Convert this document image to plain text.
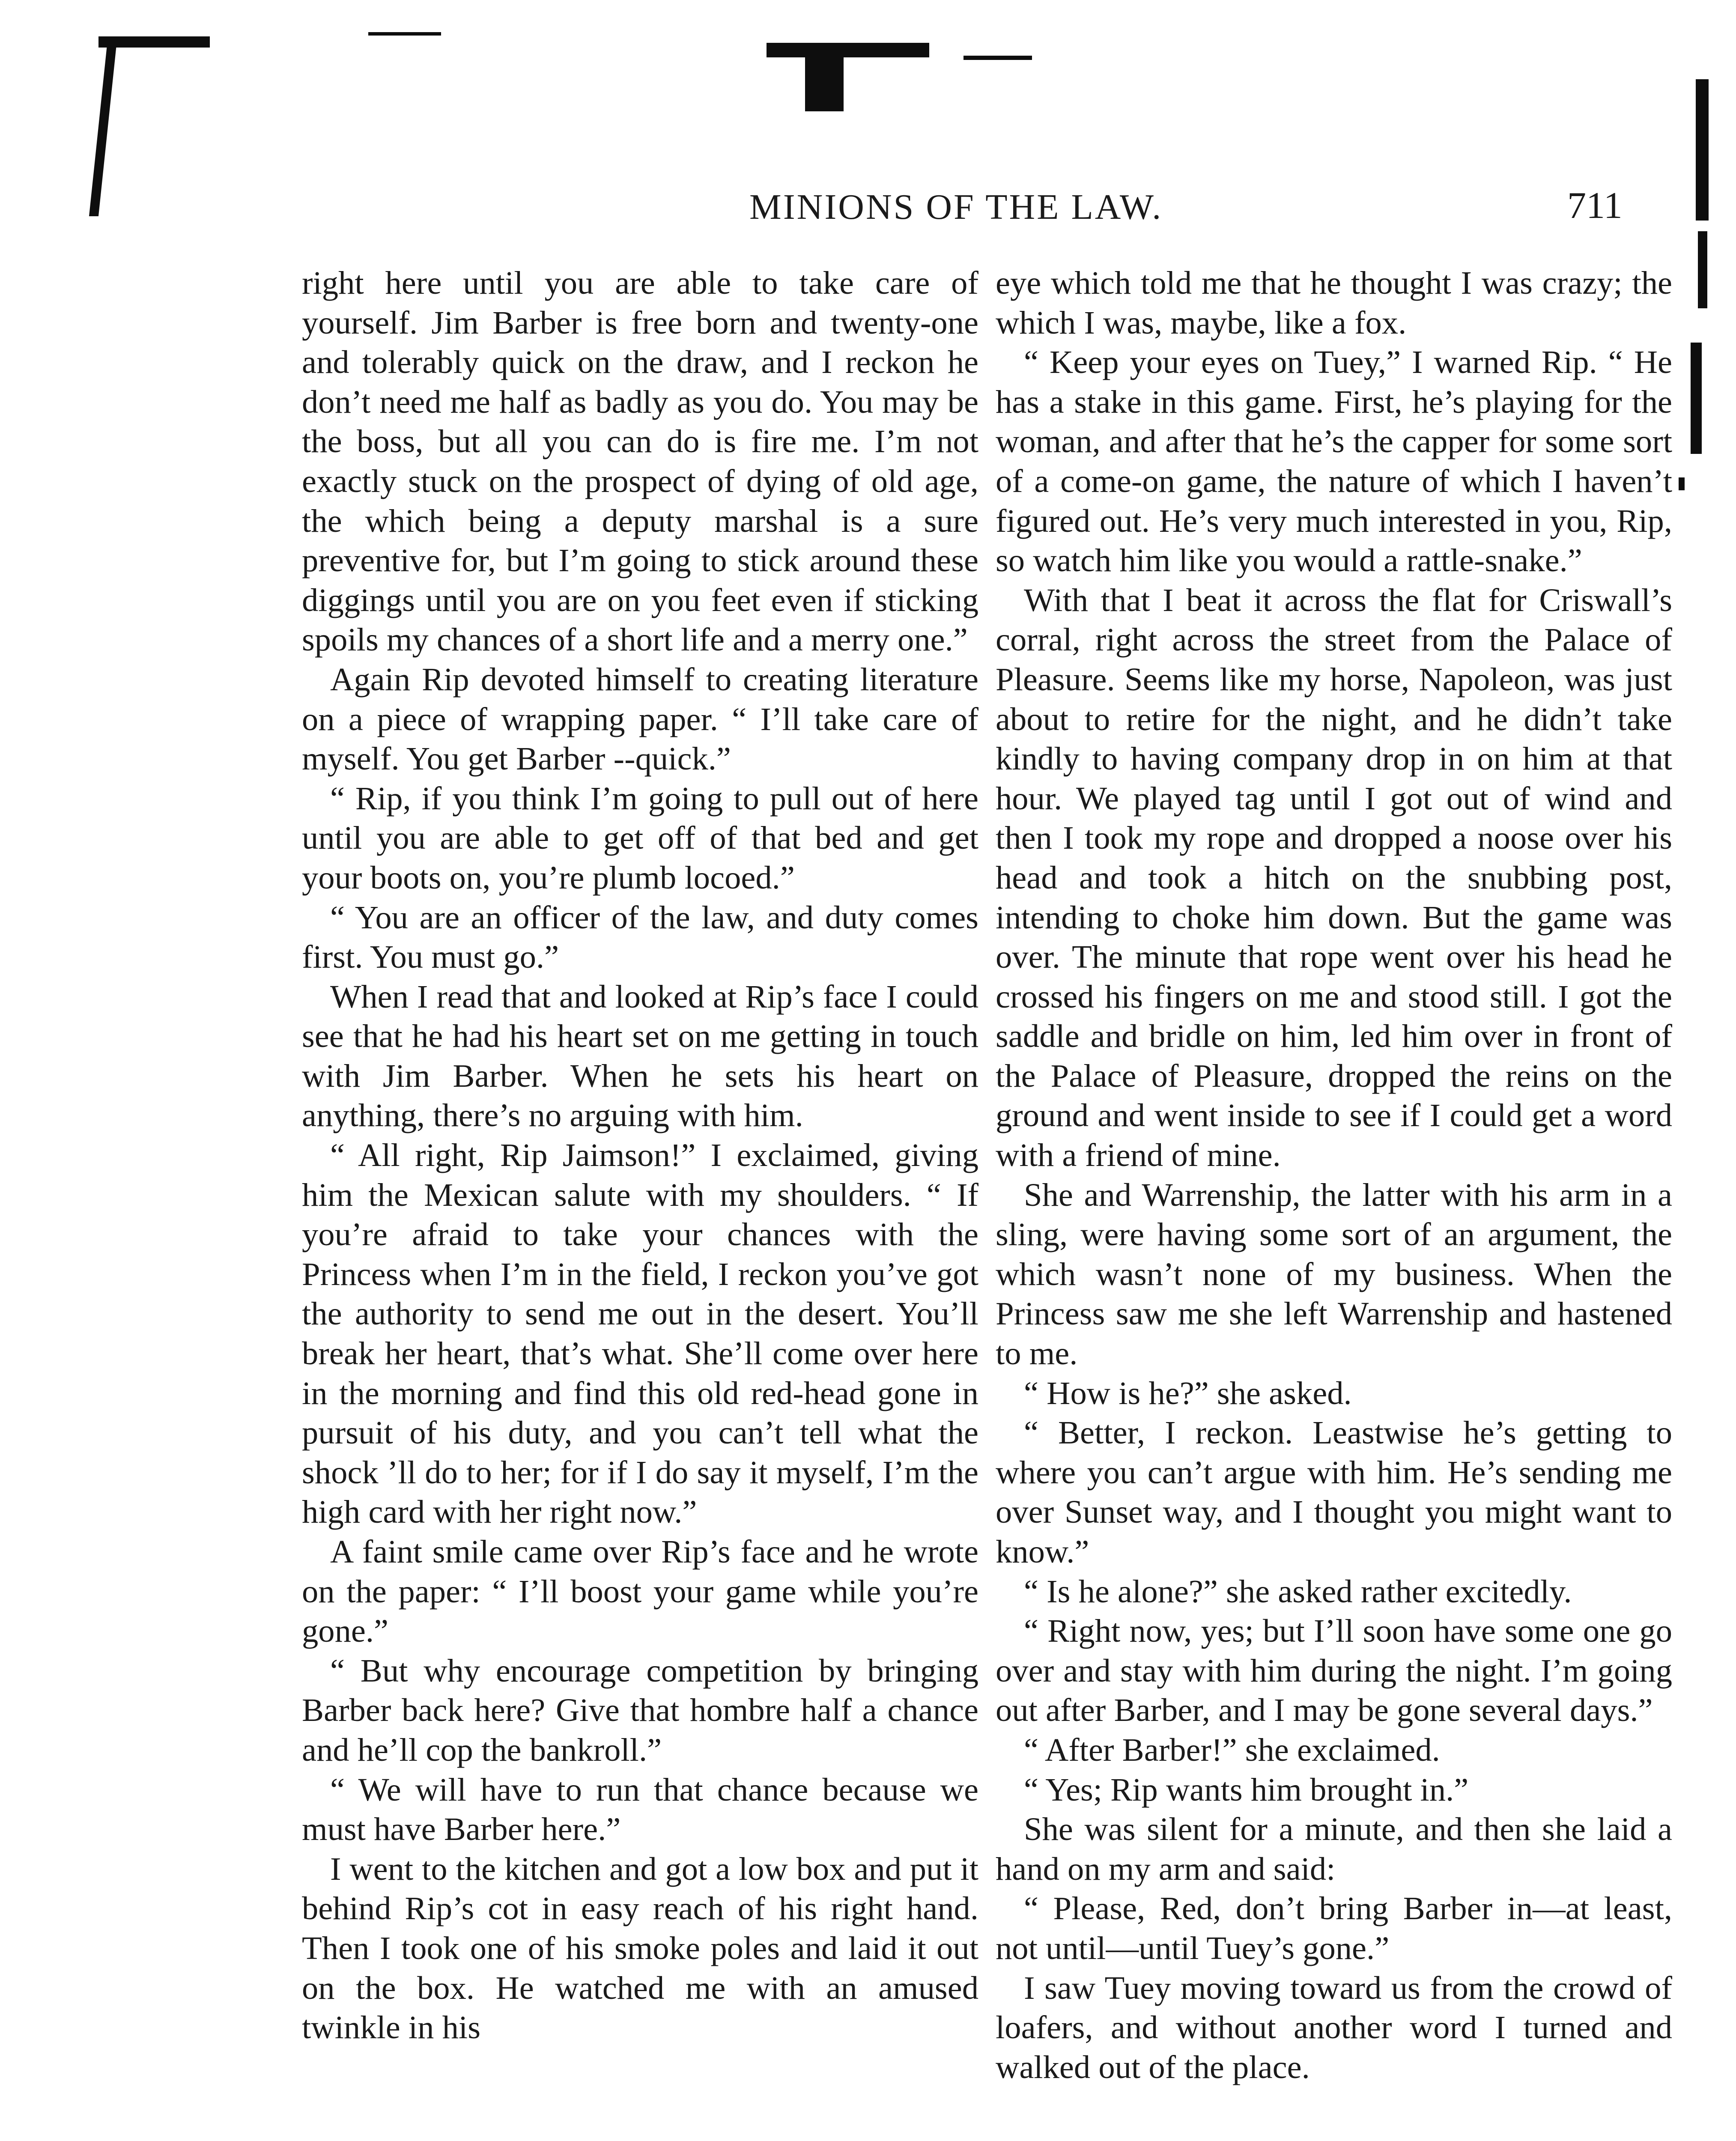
MINIONS OF THE LAW.	711

right here until you are able to take care of yourself. Jim Barber is free born and twenty-one and tolerably quick on the draw, and I reckon he don’t need me half as badly as you do. You may be the boss, but all you can do is fire me. I’m not exactly stuck on the prospect of dying of old age, the which being a deputy marshal is a sure preventive for, but I’m going to stick around these diggings until you are on you feet even if sticking spoils my chances of a short life and a merry one.”

Again Rip devoted himself to creating literature on a piece of wrapping paper. “ I’ll take care of myself. You get Barber --quick.”

“ Rip, if you think I’m going to pull out of here until you are able to get off of that bed and get your boots on, you’re plumb locoed.”

“ You are an officer of the law, and duty comes first. You must go.”

When I read that and looked at Rip’s face I could see that he had his heart set on me getting in touch with Jim Barber. When he sets his heart on anything, there’s no arguing with him.

“ All right, Rip Jaimson!” I exclaimed, giving him the Mexican salute with my shoulders. “ If you’re afraid to take your chances with the Princess when I’m in the field, I reckon you’ve got the authority to send me out in the desert. You’ll break her heart, that’s what. She’ll come over here in the morning and find this old red-head gone in pursuit of his duty, and you can’t tell what the shock ’ll do to her; for if I do say it myself, I’m the high card with her right now.”

A faint smile came over Rip’s face and he wrote on the paper: “ I’ll boost your game while you’re gone.”

“ But why encourage competition by bringing Barber back here? Give that hombre half a chance and he’ll cop the bankroll.”

“ We will have to run that chance because we must have Barber here.”

I went to the kitchen and got a low box and put it behind Rip’s cot in easy reach of his right hand. Then I took one of his smoke poles and laid it out on the box. He watched me with an amused twinkle in his

eye which told me that he thought I was crazy; the which I was, maybe, like a fox.

“ Keep your eyes on Tuey,” I warned Rip. “ He has a stake in this game. First, he’s playing for the woman, and after that he’s the capper for some sort of a come-on game, the nature of which I haven’t figured out. He’s very much interested in you, Rip, so watch him like you would a rattle-snake.”

With that I beat it across the flat for Criswall’s corral, right across the street from the Palace of Pleasure. Seems like my horse, Napoleon, was just about to retire for the night, and he didn’t take kindly to having company drop in on him at that hour. We played tag until I got out of wind and then I took my rope and dropped a noose over his head and took a hitch on the snubbing post, intending to choke him down. But the game was over. The minute that rope went over his head he crossed his fingers on me and stood still. I got the saddle and bridle on him, led him over in front of the Palace of Pleasure, dropped the reins on the ground and went inside to see if I could get a word with a friend of mine.

She and Warrenship, the latter with his arm in a sling, were having some sort of an argument, the which wasn’t none of my business. When the Princess saw me she left Warrenship and hastened to me.

“ How is he?” she asked.

“ Better, I reckon. Leastwise he’s getting to where you can’t argue with him. He’s sending me over Sunset way, and I thought you might want to know.”

“ Is he alone?” she asked rather excitedly.

“ Right now, yes; but I’ll soon have some one go over and stay with him during the night. I’m going out after Barber, and I may be gone several days.”

“ After Barber!” she exclaimed.

“ Yes; Rip wants him brought in.”

She was silent for a minute, and then she laid a hand on my arm and said:

“ Please, Red, don’t bring Barber in—at least, not until—until Tuey’s gone.”

I saw Tuey moving toward us from the crowd of loafers, and without another word I turned and walked out of the place.
